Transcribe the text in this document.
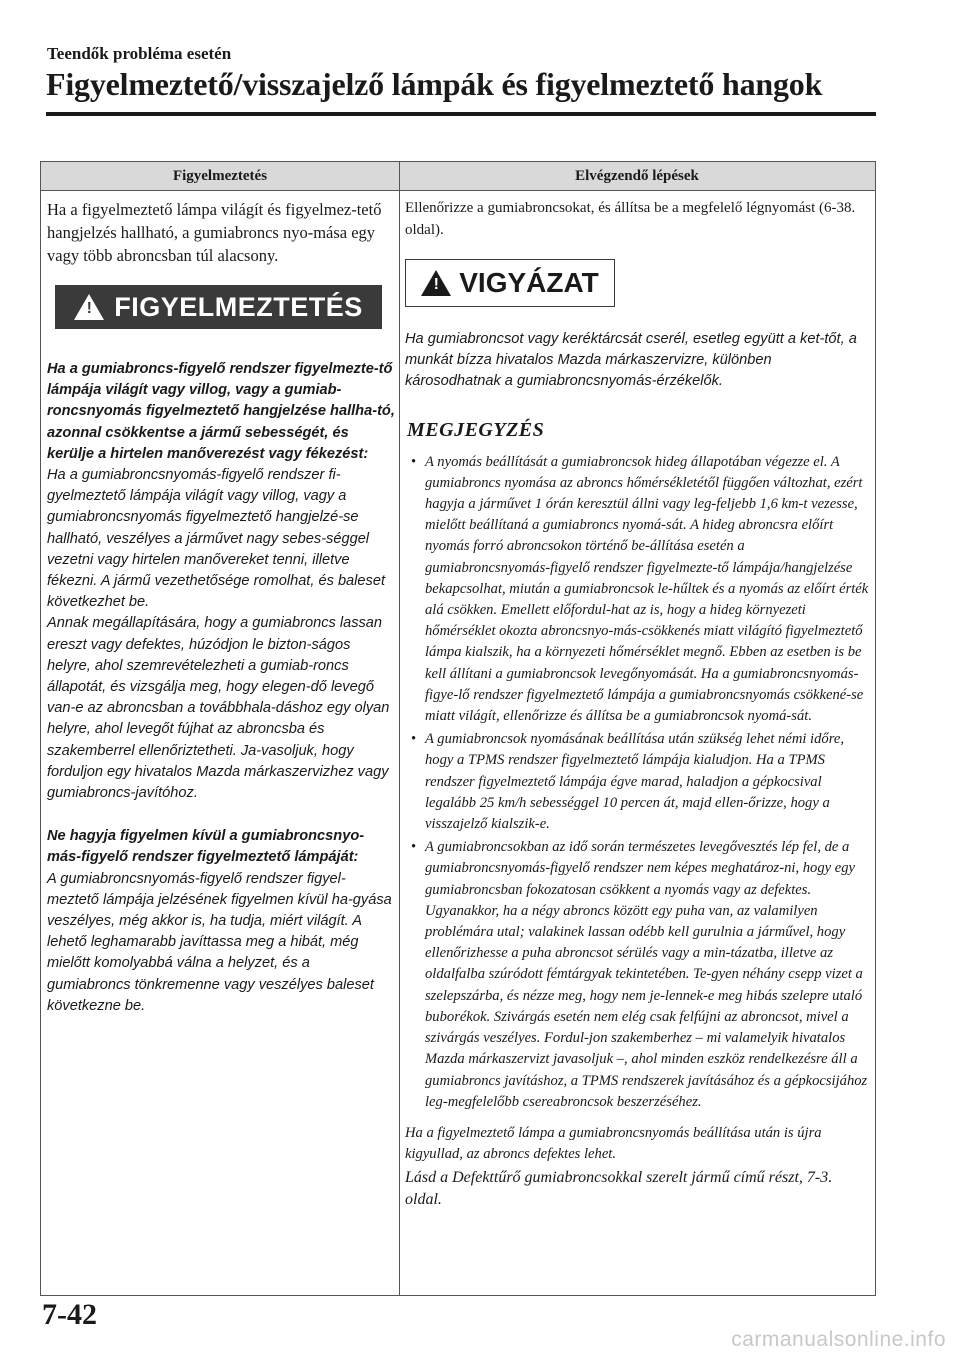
Teendők probléma esetén
Figyelmeztető/visszajelző lámpák és figyelmeztető hangok
Figyelmeztetés	Elvégzendő lépések

Ha a figyelmeztető lámpa világít és figyelmez-tető hangjelzés hallható, a gumiabroncs nyo-mása egy vagy több abroncsban túl alacsony.

! FIGYELMEZTETÉS

Ha a gumiabroncs-figyelő rendszer figyelmezte-tő lámpája világít vagy villog, vagy a gumiab-roncsnyomás figyelmeztető hangjelzése hallha-tó, azonnal csökkentse a jármű sebességét, és kerülje a hirtelen manőverezést vagy fékezést:

Ha a gumiabroncsnyomás-figyelő rendszer fi-gyelmeztető lámpája világít vagy villog, vagy a gumiabroncsnyomás figyelmeztető hangjelzé-se hallható, veszélyes a járművet nagy sebes-séggel vezetni vagy hirtelen manővereket tenni, illetve fékezni. A jármű vezethetősége romolhat, és baleset következhet be.

Annak megállapítására, hogy a gumiabroncs lassan ereszt vagy defektes, húzódjon le bizton-ságos helyre, ahol szemrevételezheti a gumiab-roncs állapotát, és vizsgálja meg, hogy elegen-dő levegő van-e az abroncsban a továbbhala-dáshoz egy olyan helyre, ahol levegőt fújhat az abroncsba és szakemberrel ellenőriztetheti. Ja-vasoljuk, hogy forduljon egy hivatalos Mazda márkaszervizhez vagy gumiabroncs-javítóhoz.

Ne hagyja figyelmen kívül a gumiabroncsnyo-más-figyelő rendszer figyelmeztető lámpáját:

A gumiabroncsnyomás-figyelő rendszer figyel-meztető lámpája jelzésének figyelmen kívül ha-gyása veszélyes, még akkor is, ha tudja, miért világít. A lehető leghamarabb javíttassa meg a hibát, még mielőtt komolyabbá válna a helyzet, és a gumiabroncs tönkremenne vagy veszélyes baleset következne be.

Ellenőrizze a gumiabroncsokat, és állítsa be a megfelelő légnyomást (6-38. oldal).

! VIGYÁZAT

Ha gumiabroncsot vagy keréktárcsát cserél, esetleg együtt a ket-tőt, a munkát bízza hivatalos Mazda márkaszervizre, különben károsodhatnak a gumiabroncsnyomás-érzékelők.

MEGJEGYZÉS
• A nyomás beállítását a gumiabroncsok hideg állapotában végezze el. A gumiabroncs nyomása az abroncs hőmérsékletétől függően változhat, ezért hagyja a járművet 1 órán keresztül állni vagy leg-feljebb 1,6 km-t vezesse, mielőtt beállítaná a gumiabroncs nyomá-sát. A hideg abroncsra előírt nyomás forró abroncsokon történő be-állítása esetén a gumiabroncsnyomás-figyelő rendszer figyelmezte-tő lámpája/hangjelzése bekapcsolhat, miután a gumiabroncsok le-hűltek és a nyomás az előírt érték alá csökken. Emellett előfordul-hat az is, hogy a hideg környezeti hőmérséklet okozta abroncsnyo-más-csökkenés miatt világító figyelmeztető lámpa kialszik, ha a környezeti hőmérséklet megnő. Ebben az esetben is be kell állítani a gumiabroncsok levegőnyomását. Ha a gumiabroncsnyomás-figye-lő rendszer figyelmeztető lámpája a gumiabroncsnyomás csökkené-se miatt világít, ellenőrizze és állítsa be a gumiabroncsok nyomá-sát.
• A gumiabroncsok nyomásának beállítása után szükség lehet némi időre, hogy a TPMS rendszer figyelmeztető lámpája kialudjon. Ha a TPMS rendszer figyelmeztető lámpája égve marad, haladjon a gépkocsival legalább 25 km/h sebességgel 10 percen át, majd ellen-őrizze, hogy a visszajelző kialszik-e.
• A gumiabroncsokban az idő során természetes levegővesztés lép fel, de a gumiabroncsnyomás-figyelő rendszer nem képes meghatároz-ni, hogy egy gumiabroncsban fokozatosan csökkent a nyomás vagy az defektes. Ugyanakkor, ha a négy abroncs között egy puha van, az valamilyen problémára utal; valakinek lassan odébb kell gurulnia a járművel, hogy ellenőrizhesse a puha abroncsot sérülés vagy a min-tázatba, illetve az oldalfalba szúródott fémtárgyak tekintetében. Te-gyen néhány csepp vizet a szelepszárba, és nézze meg, hogy nem je-lennek-e meg hibás szelepre utaló buborékok. Szivárgás esetén nem elég csak felfújni az abroncsot, mivel a szivárgás veszélyes. Fordul-jon szakemberhez – mi valamelyik hivatalos Mazda márkaszervizt javasoljuk –, ahol minden eszköz rendelkezésre áll a gumiabroncs javításhoz, a TPMS rendszerek javításához és a gépkocsijához leg-megfelelőbb csereabroncsok beszerzéséhez.

Ha a figyelmeztető lámpa a gumiabroncsnyomás beállítása után is újra kigyullad, az abroncs defektes lehet.

Lásd a Defekttűrő gumiabroncsokkal szerelt jármű című részt, 7-3. oldal.

7-42
carmanualsonline.info
